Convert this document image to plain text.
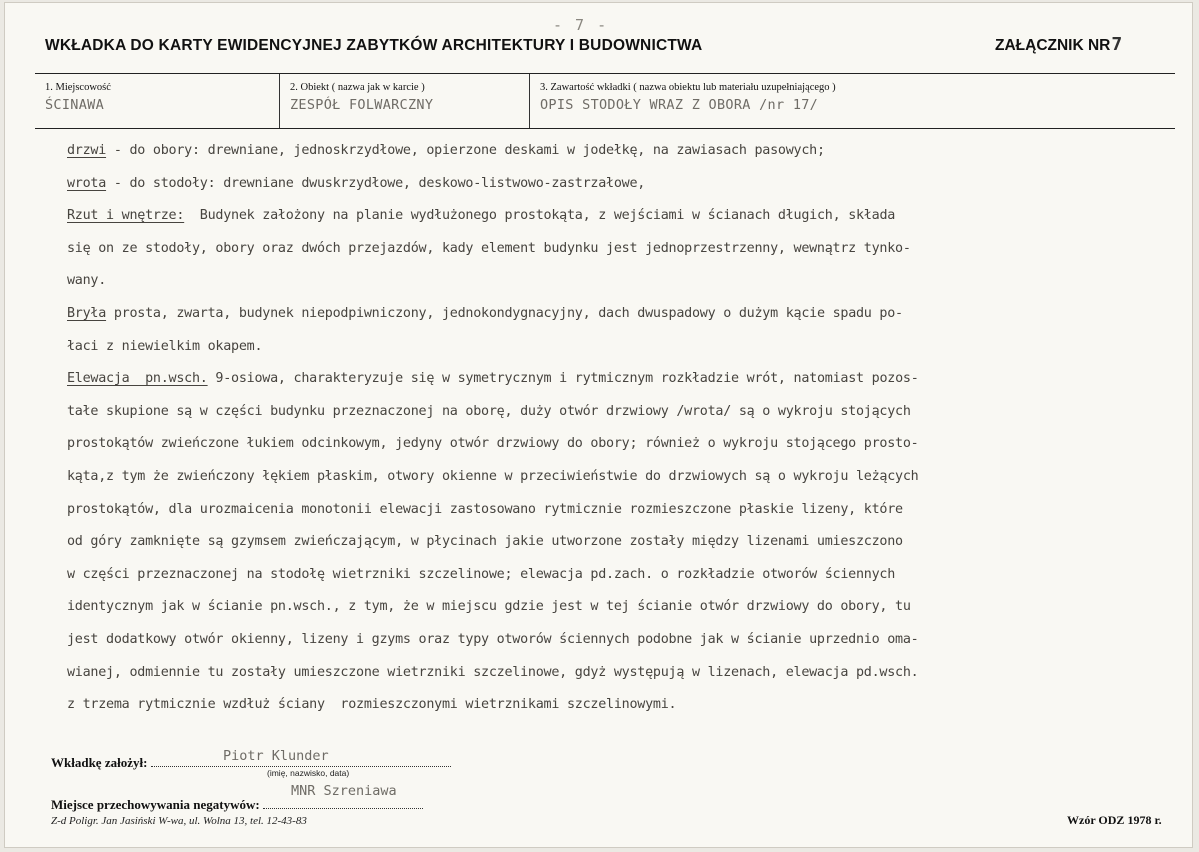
- 7 -
WKŁADKA DO KARTY EWIDENCYJNEJ ZABYTKÓW ARCHITEKTURY I BUDOWNICTWA	ZAŁĄCZNIK NR7
1. Miejscowość
ŚCINAWA
2. Obiekt ( nazwa jak w karcie )
ZESPÓŁ FOLWARCZNY
3. Zawartość wkładki ( nazwa obiektu lub materiału uzupełniającego )
OPIS STODOŁY WRAZ Z OBORA /nr 17/
drzwi - do obory: drewniane, jednoskrzydłowe, opierzone deskami w jodełkę, na zawiasach pasowych;
wrota - do stodoły: drewniane dwuskrzydłowe, deskowo-listwowo-zastrzałowe,
Rzut i wnętrze:  Budynek założony na planie wydłużonego prostokąta, z wejściami w ścianach długich, składa
się on ze stodoły, obory oraz dwóch przejazdów, kady element budynku jest jednoprzestrzenny, wewnątrz tynko-
wany.
Bryła prosta, zwarta, budynek niepodpiwniczony, jednokondygnacyjny, dach dwuspadowy o dużym kącie spadu po-
łaci z niewielkim okapem.
Elewacja  pn.wsch. 9-osiowa, charakteryzuje się w symetrycznym i rytmicznym rozkładzie wrót, natomiast pozos-
tałe skupione są w części budynku przeznaczonej na oborę, duży otwór drzwiowy /wrota/ są o wykroju stojących
prostokątów zwieńczone łukiem odcinkowym, jedyny otwór drzwiowy do obory; również o wykroju stojącego prosto-
kąta,z tym że zwieńczony łękiem płaskim, otwory okienne w przeciwieństwie do drzwiowych są o wykroju leżących
prostokątów, dla urozmaicenia monotonii elewacji zastosowano rytmicznie rozmieszczone płaskie lizeny, które
od góry zamknięte są gzymsem zwieńczającym, w płycinach jakie utworzone zostały między lizenami umieszczono
w części przeznaczonej na stodołę wietrzniki szczelinowe; elewacja pd.zach. o rozkładzie otworów ściennych
identycznym jak w ścianie pn.wsch., z tym, że w miejscu gdzie jest w tej ścianie otwór drzwiowy do obory, tu
jest dodatkowy otwór okienny, lizeny i gzyms oraz typy otworów ściennych podobne jak w ścianie uprzednio oma-
wianej, odmiennie tu zostały umieszczone wietrzniki szczelinowe, gdyż występują w lizenach, elewacja pd.wsch.
z trzema rytmicznie wzdłuż ściany  rozmieszczonymi wietrznikami szczelinowymi.
Wkładkę założył:	Piotr Klunder
(imię, nazwisko, data)
Miejsce przechowywania negatywów:
MNR Szreniawa
Z-d Poligr. Jan Jasiński W-wa, ul. Wolna 13, tel. 12-43-83	Wzór ODZ 1978 r.
